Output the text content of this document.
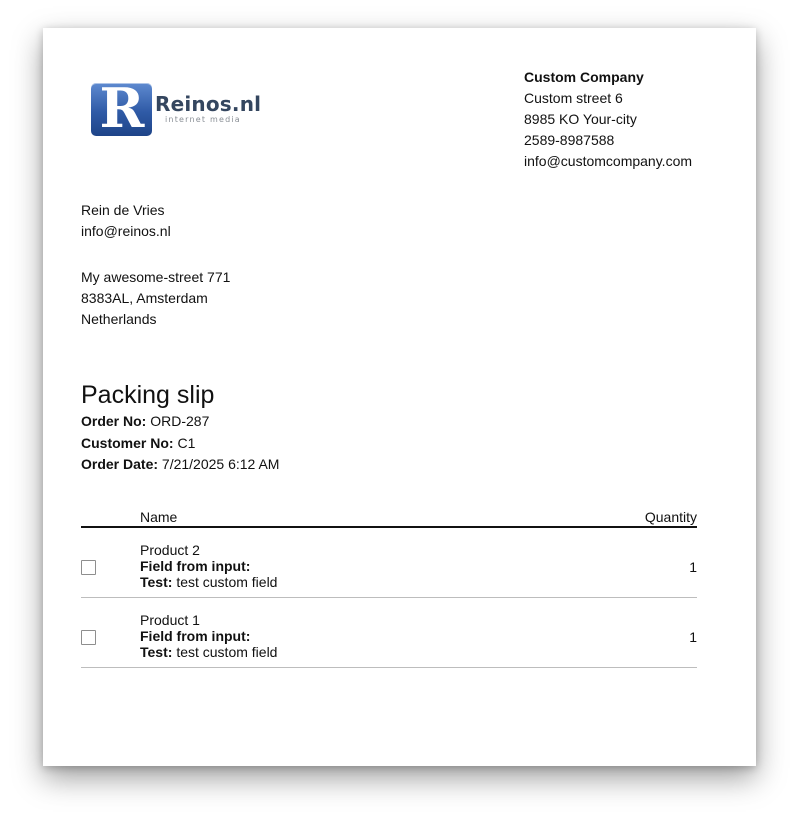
R Reinos.nl
internet media
Custom Company
Custom street 6
8985 KO Your-city
2589-8987588
info@customcompany.com
Rein de Vries
info@reinos.nl
My awesome-street 771
8383AL, Amsterdam
Netherlands
Packing slip
Order No: ORD-287
Customer No: C1
Order Date: 7/21/2025 6:12 AM
Name	Quantity
Product 2
Field from input:
Test: test custom field
1
Product 1
Field from input:
Test: test custom field
1
